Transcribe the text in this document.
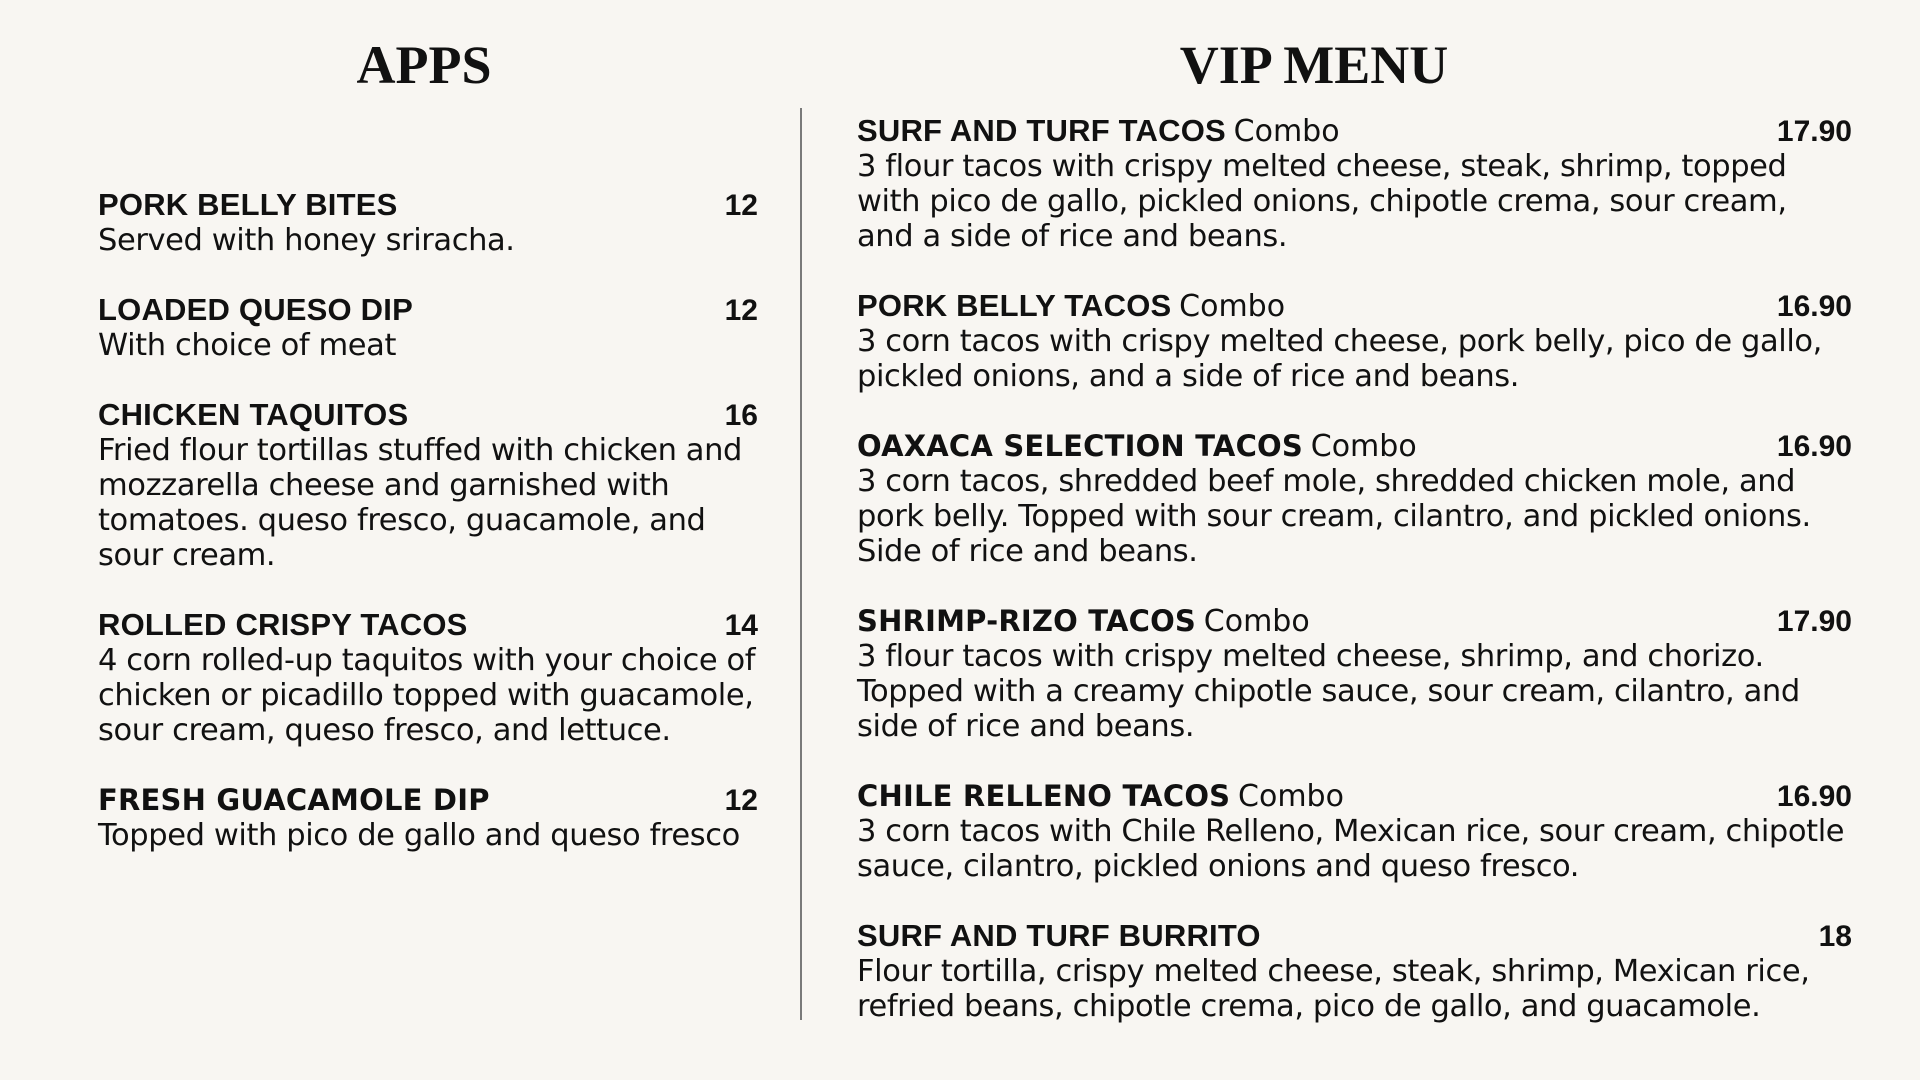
APPS
PORK BELLY BITES	12
Served with honey sriracha.
LOADED QUESO DIP	12
With choice of meat
CHICKEN TAQUITOS	16
Fried flour tortillas stuffed with chicken and mozzarella cheese and garnished with tomatoes. queso fresco, guacamole, and sour cream.
ROLLED CRISPY TACOS	14
4 corn rolled-up taquitos with your choice of chicken or picadillo topped with guacamole, sour cream, queso fresco, and lettuce.
FRESH GUACAMOLE DIP	12
Topped with pico de gallo and queso fresco
VIP MENU
SURF AND TURF TACOS Combo	17.90
3 flour tacos with crispy melted cheese, steak, shrimp, topped with pico de gallo, pickled onions, chipotle crema, sour cream, and a side of rice and beans.
PORK BELLY TACOS Combo	16.90
3 corn tacos with crispy melted cheese, pork belly, pico de gallo, pickled onions, and a side of rice and beans.
OAXACA SELECTION TACOS Combo	16.90
3 corn tacos, shredded beef mole, shredded chicken mole, and pork belly. Topped with sour cream, cilantro, and pickled onions. Side of rice and beans.
SHRIMP-RIZO TACOS Combo	17.90
3 flour tacos with crispy melted cheese, shrimp, and chorizo. Topped with a creamy chipotle sauce, sour cream, cilantro, and side of rice and beans.
CHILE RELLENO TACOS Combo	16.90
3 corn tacos with Chile Relleno, Mexican rice, sour cream, chipotle sauce, cilantro, pickled onions and queso fresco.
SURF AND TURF BURRITO	18
Flour tortilla, crispy melted cheese, steak, shrimp, Mexican rice, refried beans, chipotle crema, pico de gallo, and guacamole.
